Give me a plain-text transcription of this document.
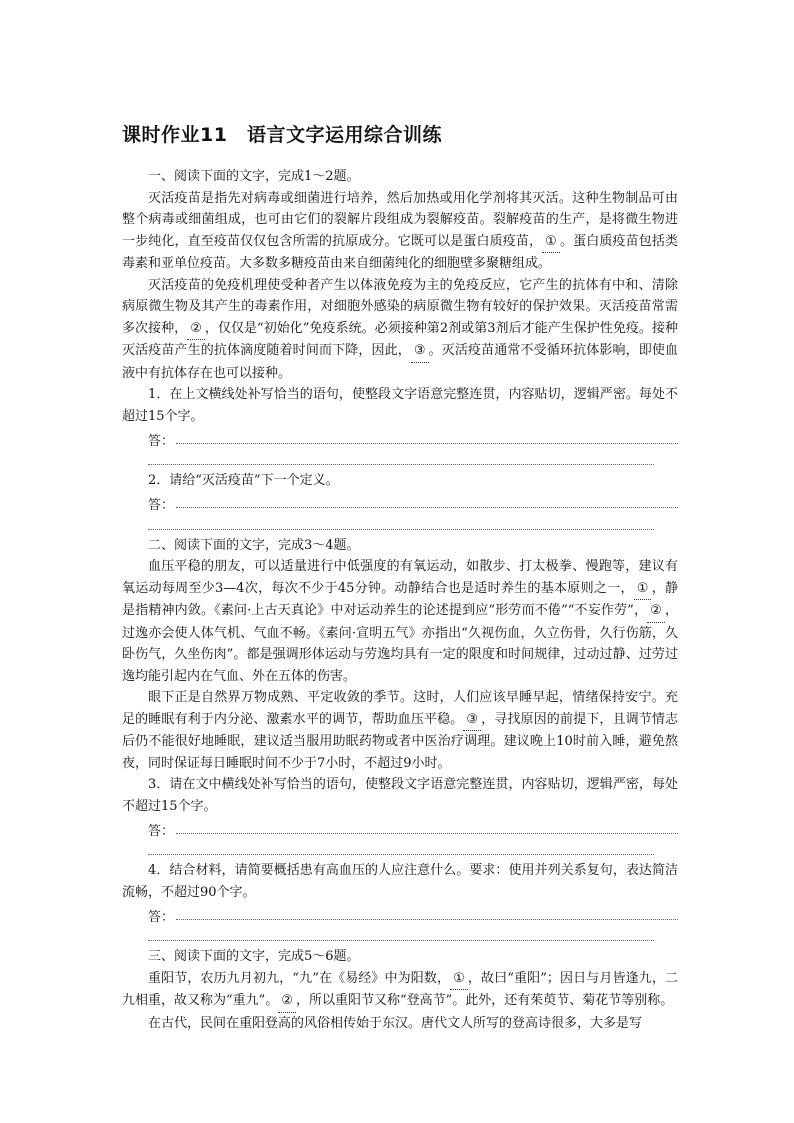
课时作业11　语言文字运用综合训练

一、阅读下面的文字，完成1～2题。

灭活疫苗是指先对病毒或细菌进行培养，然后加热或用化学剂将其灭活。这种生物制品可由整个病毒或细菌组成，也可由它们的裂解片段组成为裂解疫苗。裂解疫苗的生产，是将微生物进一步纯化，直至疫苗仅仅包含所需的抗原成分。它既可以是蛋白质疫苗， ① 。蛋白质疫苗包括类毒素和亚单位疫苗。大多数多糖疫苗由来自细菌纯化的细胞壁多聚糖组成。

灭活疫苗的免疫机理使受种者产生以体液免疫为主的免疫反应，它产生的抗体有中和、清除病原微生物及其产生的毒素作用，对细胞外感染的病原微生物有较好的保护效果。灭活疫苗常需多次接种， ② ，仅仅是“初始化”免疫系统。必须接种第2剂或第3剂后才能产生保护性免疫。接种灭活疫苗产生的抗体滴度随着时间而下降，因此， ③ 。灭活疫苗通常不受循环抗体影响，即使血液中有抗体存在也可以接种。

1．在上文横线处补写恰当的语句，使整段文字语意完整连贯，内容贴切，逻辑严密。每处不超过15个字。

答：

2．请给“灭活疫苗”下一个定义。

答：

二、阅读下面的文字，完成3～4题。

血压平稳的朋友，可以适量进行中低强度的有氧运动，如散步、打太极拳、慢跑等，建议有氧运动每周至少3—4次，每次不少于45分钟。动静结合也是适时养生的基本原则之一， ① ，静是指精神内敛。《素问·上古天真论》中对运动养生的论述提到应“形劳而不倦”“不妄作劳”， ② ，过逸亦会使人体气机、气血不畅。《素问·宣明五气》亦指出“久视伤血，久立伤骨，久行伤筋，久卧伤气，久坐伤肉”。都是强调形体运动与劳逸均具有一定的限度和时间规律，过动过静、过劳过逸均能引起内在气血、外在五体的伤害。

眼下正是自然界万物成熟、平定收敛的季节。这时，人们应该早睡早起，情绪保持安宁。充足的睡眠有利于内分泌、激素水平的调节，帮助血压平稳。 ③ ，寻找原因的前提下，且调节情志后仍不能很好地睡眠，建议适当服用助眠药物或者中医治疗调理。建议晚上10时前入睡，避免熬夜，同时保证每日睡眠时间不少于7小时，不超过9小时。

3．请在文中横线处补写恰当的语句，使整段文字语意完整连贯，内容贴切，逻辑严密，每处不超过15个字。

答：

4．结合材料，请简要概括患有高血压的人应注意什么。要求：使用并列关系复句，表达简洁流畅，不超过90个字。

答：

三、阅读下面的文字，完成5～6题。

重阳节，农历九月初九，“九”在《易经》中为阳数， ① ，故曰“重阳”；因日与月皆逢九，二九相重，故又称为“重九”。 ② ，所以重阳节又称“登高节”。此外，还有茱萸节、菊花节等别称。

在古代，民间在重阳登高的风俗相传始于东汉。唐代文人所写的登高诗很多，大多是写
